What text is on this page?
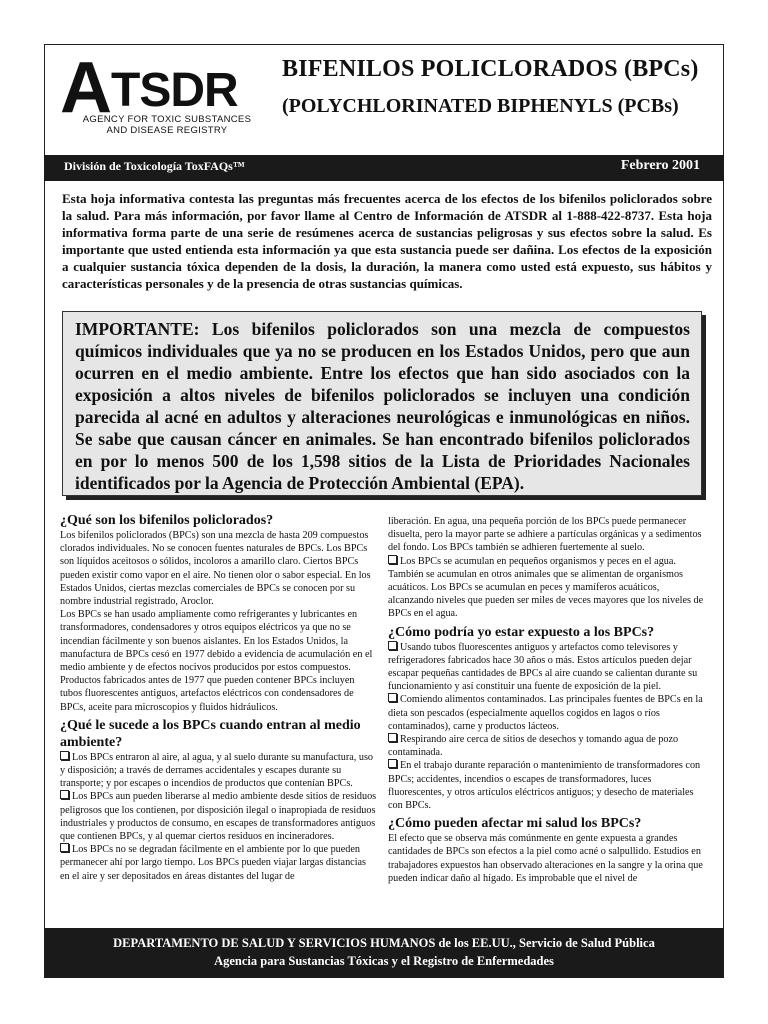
ATSDR
AGENCY FOR TOXIC SUBSTANCES
AND DISEASE REGISTRY
BIFENILOS POLICLORADOS (BPCs)
(POLYCHLORINATED BIPHENYLS (PCBs)
División de Toxicología ToxFAQs™	Febrero 2001
Esta hoja informativa contesta las preguntas más frecuentes acerca de los efectos de los bifenilos policlorados sobre la salud. Para más información, por favor llame al Centro de Información de ATSDR al 1-888-422-8737. Esta hoja informativa forma parte de una serie de resúmenes acerca de sustancias peligrosas y sus efectos sobre la salud. Es importante que usted entienda esta información ya que esta sustancia puede ser dañina. Los efectos de la exposición a cualquier sustancia tóxica dependen de la dosis, la duración, la manera como usted está expuesto, sus hábitos y características personales y de la presencia de otras sustancias químicas.

IMPORTANTE: Los bifenilos policlorados son una mezcla de compuestos químicos individuales que ya no se producen en los Estados Unidos, pero que aun ocurren en el medio ambiente. Entre los efectos que han sido asociados con la exposición a altos niveles de bifenilos policlorados se incluyen una condición parecida al acné en adultos y alteraciones neurológicas e inmunológicas en niños. Se sabe que causan cáncer en animales. Se han encontrado bifenilos policlorados en por lo menos 500 de los 1,598 sitios de la Lista de Prioridades Nacionales identificados por la Agencia de Protección Ambiental (EPA).

¿Qué son los bifenilos policlorados?

Los bifenilos policlorados (BPCs) son una mezcla de hasta 209 compuestos clorados individuales. No se conocen fuentes naturales de BPCs. Los BPCs son líquidos aceitosos o sólidos, incoloros a amarillo claro. Ciertos BPCs pueden existir como vapor en el aire. No tienen olor o sabor especial. En los Estados Unidos, ciertas mezclas comerciales de BPCs se conocen por su nombre industrial registrado, Aroclor.

Los BPCs se han usado ampliamente como refrigerantes y lubricantes en transformadores, condensadores y otros equipos eléctricos ya que no se incendian fácilmente y son buenos aislantes. En los Estados Unidos, la manufactura de BPCs cesó en 1977 debido a evidencia de acumulación en el medio ambiente y de efectos nocivos producidos por estos compuestos. Productos fabricados antes de 1977 que pueden contener BPCs incluyen tubos fluorescentes antiguos, artefactos eléctricos con condensadores de BPCs, aceite para microscopios y fluidos hidráulicos.

¿Qué le sucede a los BPCs cuando entran al medio ambiente?

Los BPCs entraron al aire, al agua, y al suelo durante su manufactura, uso y disposición; a través de derrames accidentales y escapes durante su transporte; y por escapes o incendios de productos que contenían BPCs.

Los BPCs aun pueden liberarse al medio ambiente desde sitios de residuos peligrosos que los contienen, por disposición ilegal o inapropiada de residuos industriales y productos de consumo, en escapes de transformadores antiguos que contienen BPCs, y al quemar ciertos residuos en incineradores.

Los BPCs no se degradan fácilmente en el ambiente por lo que pueden permanecer ahí por largo tiempo. Los BPCs pueden viajar largas distancias en el aire y ser depositados en áreas distantes del lugar de

liberación. En agua, una pequeña porción de los BPCs puede permanecer disuelta, pero la mayor parte se adhiere a partículas orgánicas y a sedimentos del fondo. Los BPCs también se adhieren fuertemente al suelo.

Los BPCs se acumulan en pequeños organismos y peces en el agua. También se acumulan en otros animales que se alimentan de organismos acuáticos. Los BPCs se acumulan en peces y mamíferos acuáticos, alcanzando niveles que pueden ser miles de veces mayores que los niveles de BPCs en el agua.

¿Cómo podría yo estar expuesto a los BPCs?

Usando tubos fluorescentes antiguos y artefactos como televisores y refrigeradores fabricados hace 30 años o más. Estos artículos pueden dejar escapar pequeñas cantidades de BPCs al aire cuando se calientan durante su funcionamiento y así constituir una fuente de exposición de la piel.

Comiendo alimentos contaminados. Las principales fuentes de BPCs en la dieta son pescados (especialmente aquellos cogidos en lagos o ríos contaminados), carne y productos lácteos.

Respirando aire cerca de sitios de desechos y tomando agua de pozo contaminada.

En el trabajo durante reparación o mantenimiento de transformadores con BPCs; accidentes, incendios o escapes de transformadores, luces fluorescentes, y otros artículos eléctricos antiguos; y desecho de materiales con BPCs.

¿Cómo pueden afectar mi salud los BPCs?

El efecto que se observa más comúnmente en gente expuesta a grandes cantidades de BPCs son efectos a la piel como acné o salpullido. Estudios en trabajadores expuestos han observado alteraciones en la sangre y la orina que pueden indicar daño al hígado. Es improbable que el nivel de

DEPARTAMENTO DE SALUD Y SERVICIOS HUMANOS de los EE.UU., Servicio de Salud Pública
Agencia para Sustancias Tóxicas y el Registro de Enfermedades
